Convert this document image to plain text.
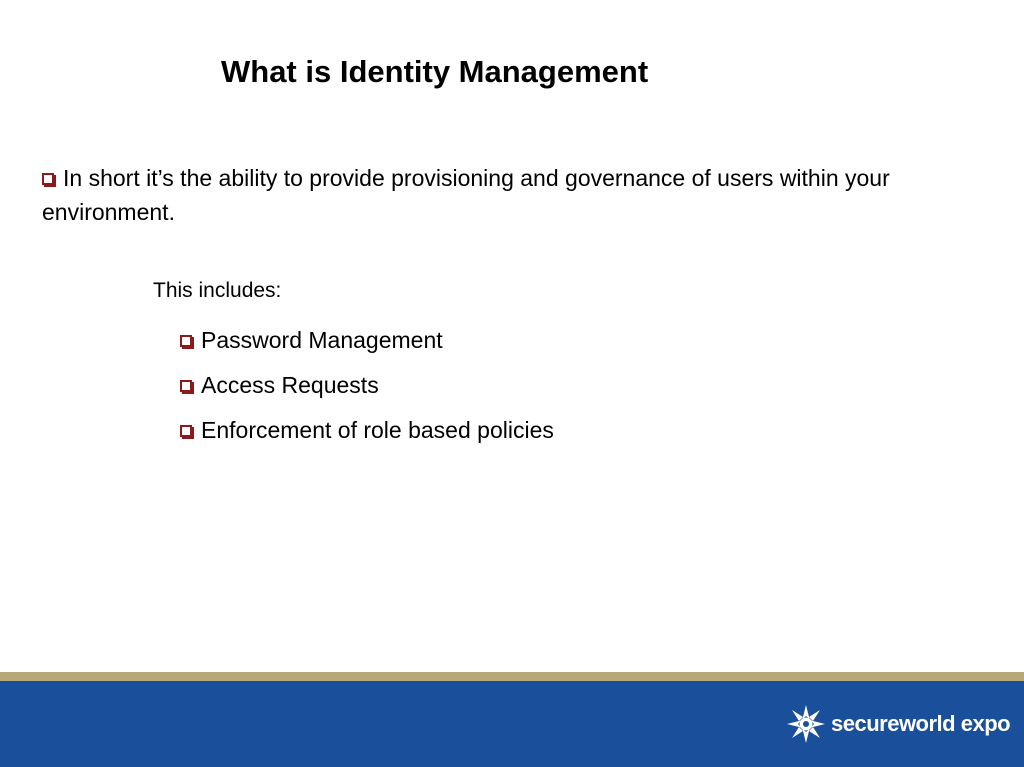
What is Identity Management

In short it’s the ability to provide provisioning and governance of users within your environment.

This includes:

Password Management
Access Requests
Enforcement of role based policies
secureworld expo
